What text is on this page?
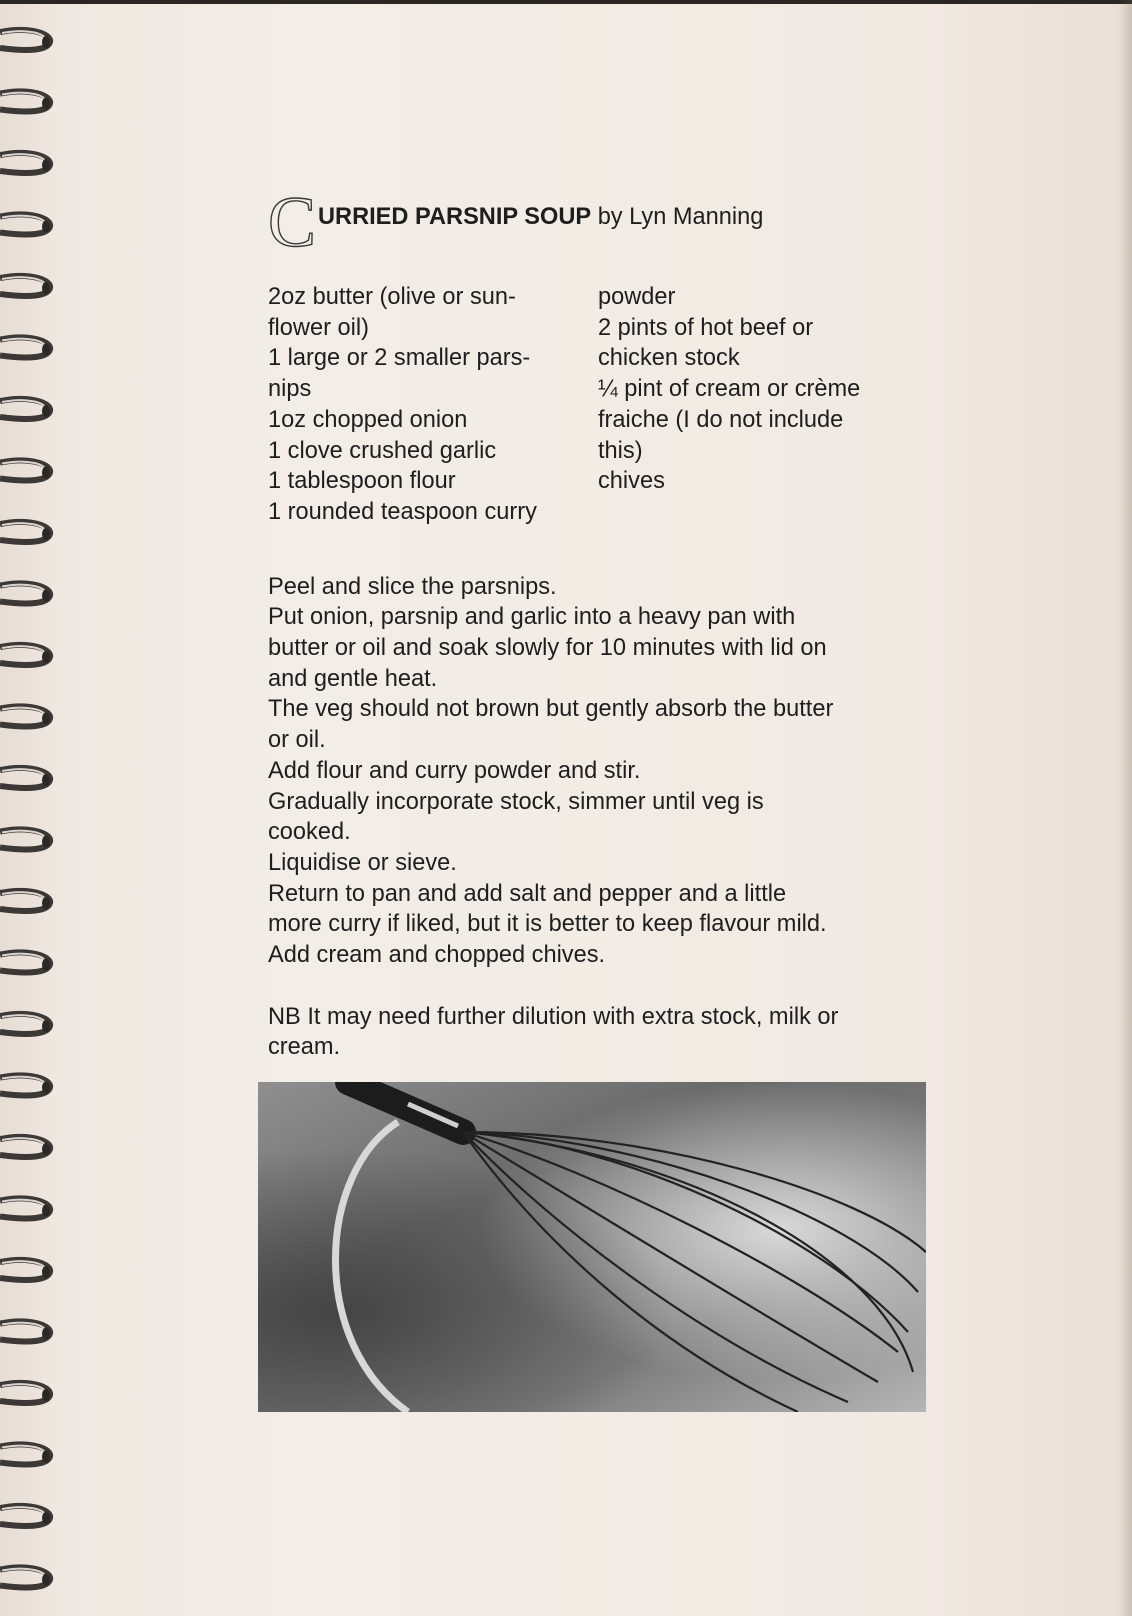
C URRIED PARSNIP SOUP by Lyn Manning
2oz butter (olive or sun-
flower oil)
1 large or 2 smaller pars-
nips
1oz chopped onion
1 clove crushed garlic
1 tablespoon flour
1 rounded teaspoon curry
powder
2 pints of hot beef or
chicken stock
¼ pint of cream or crème
fraiche (I do not include
this)
chives
Peel and slice the parsnips.
Put onion, parsnip and garlic into a heavy pan with
butter or oil and soak slowly for 10 minutes with lid on
and gentle heat.
The veg should not brown but gently absorb the butter
or oil.
Add flour and curry powder and stir.
Gradually incorporate stock, simmer until veg is
cooked.
Liquidise or sieve.
Return to pan and add salt and pepper and a little
more curry if liked, but it is better to keep flavour mild.
Add cream and chopped chives.
NB It may need further dilution with extra stock, milk or
cream.
